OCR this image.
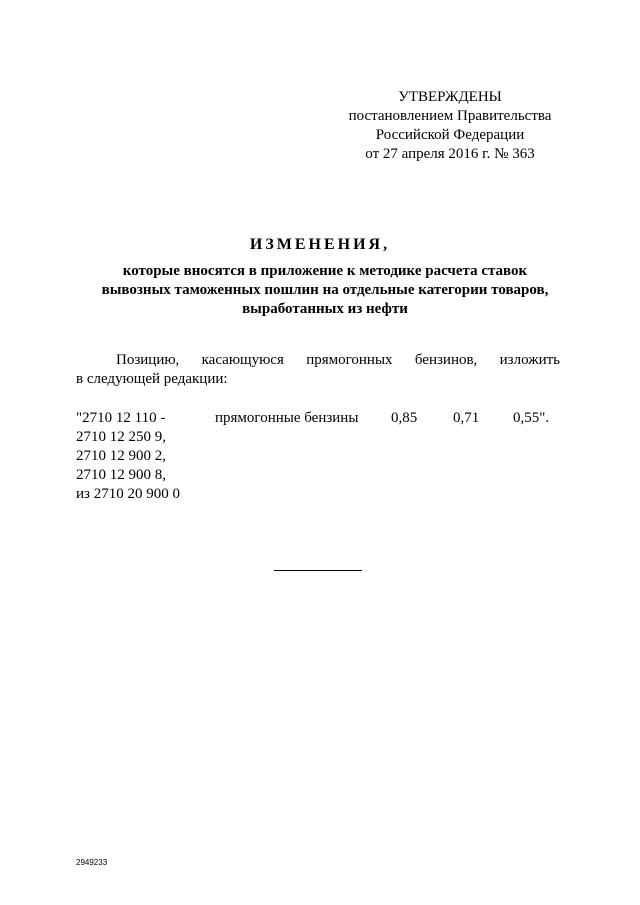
УТВЕРЖДЕНЫ
постановлением Правительства
Российской Федерации
от 27 апреля 2016 г. № 363
ИЗМЕНЕНИЯ,
которые вносятся в приложение к методике расчета ставок
вывозных таможенных пошлин на отдельные категории товаров,
выработанных из нефти
Позицию, касающуюся прямогонных бензинов, изложить
в следующей редакции:
"2710 12 110 -
2710 12 250 9,
2710 12 900 2,
2710 12 900 8,
из 2710 20 900 0
прямогонные бензины 0,85 0,71 0,55".
2949233
